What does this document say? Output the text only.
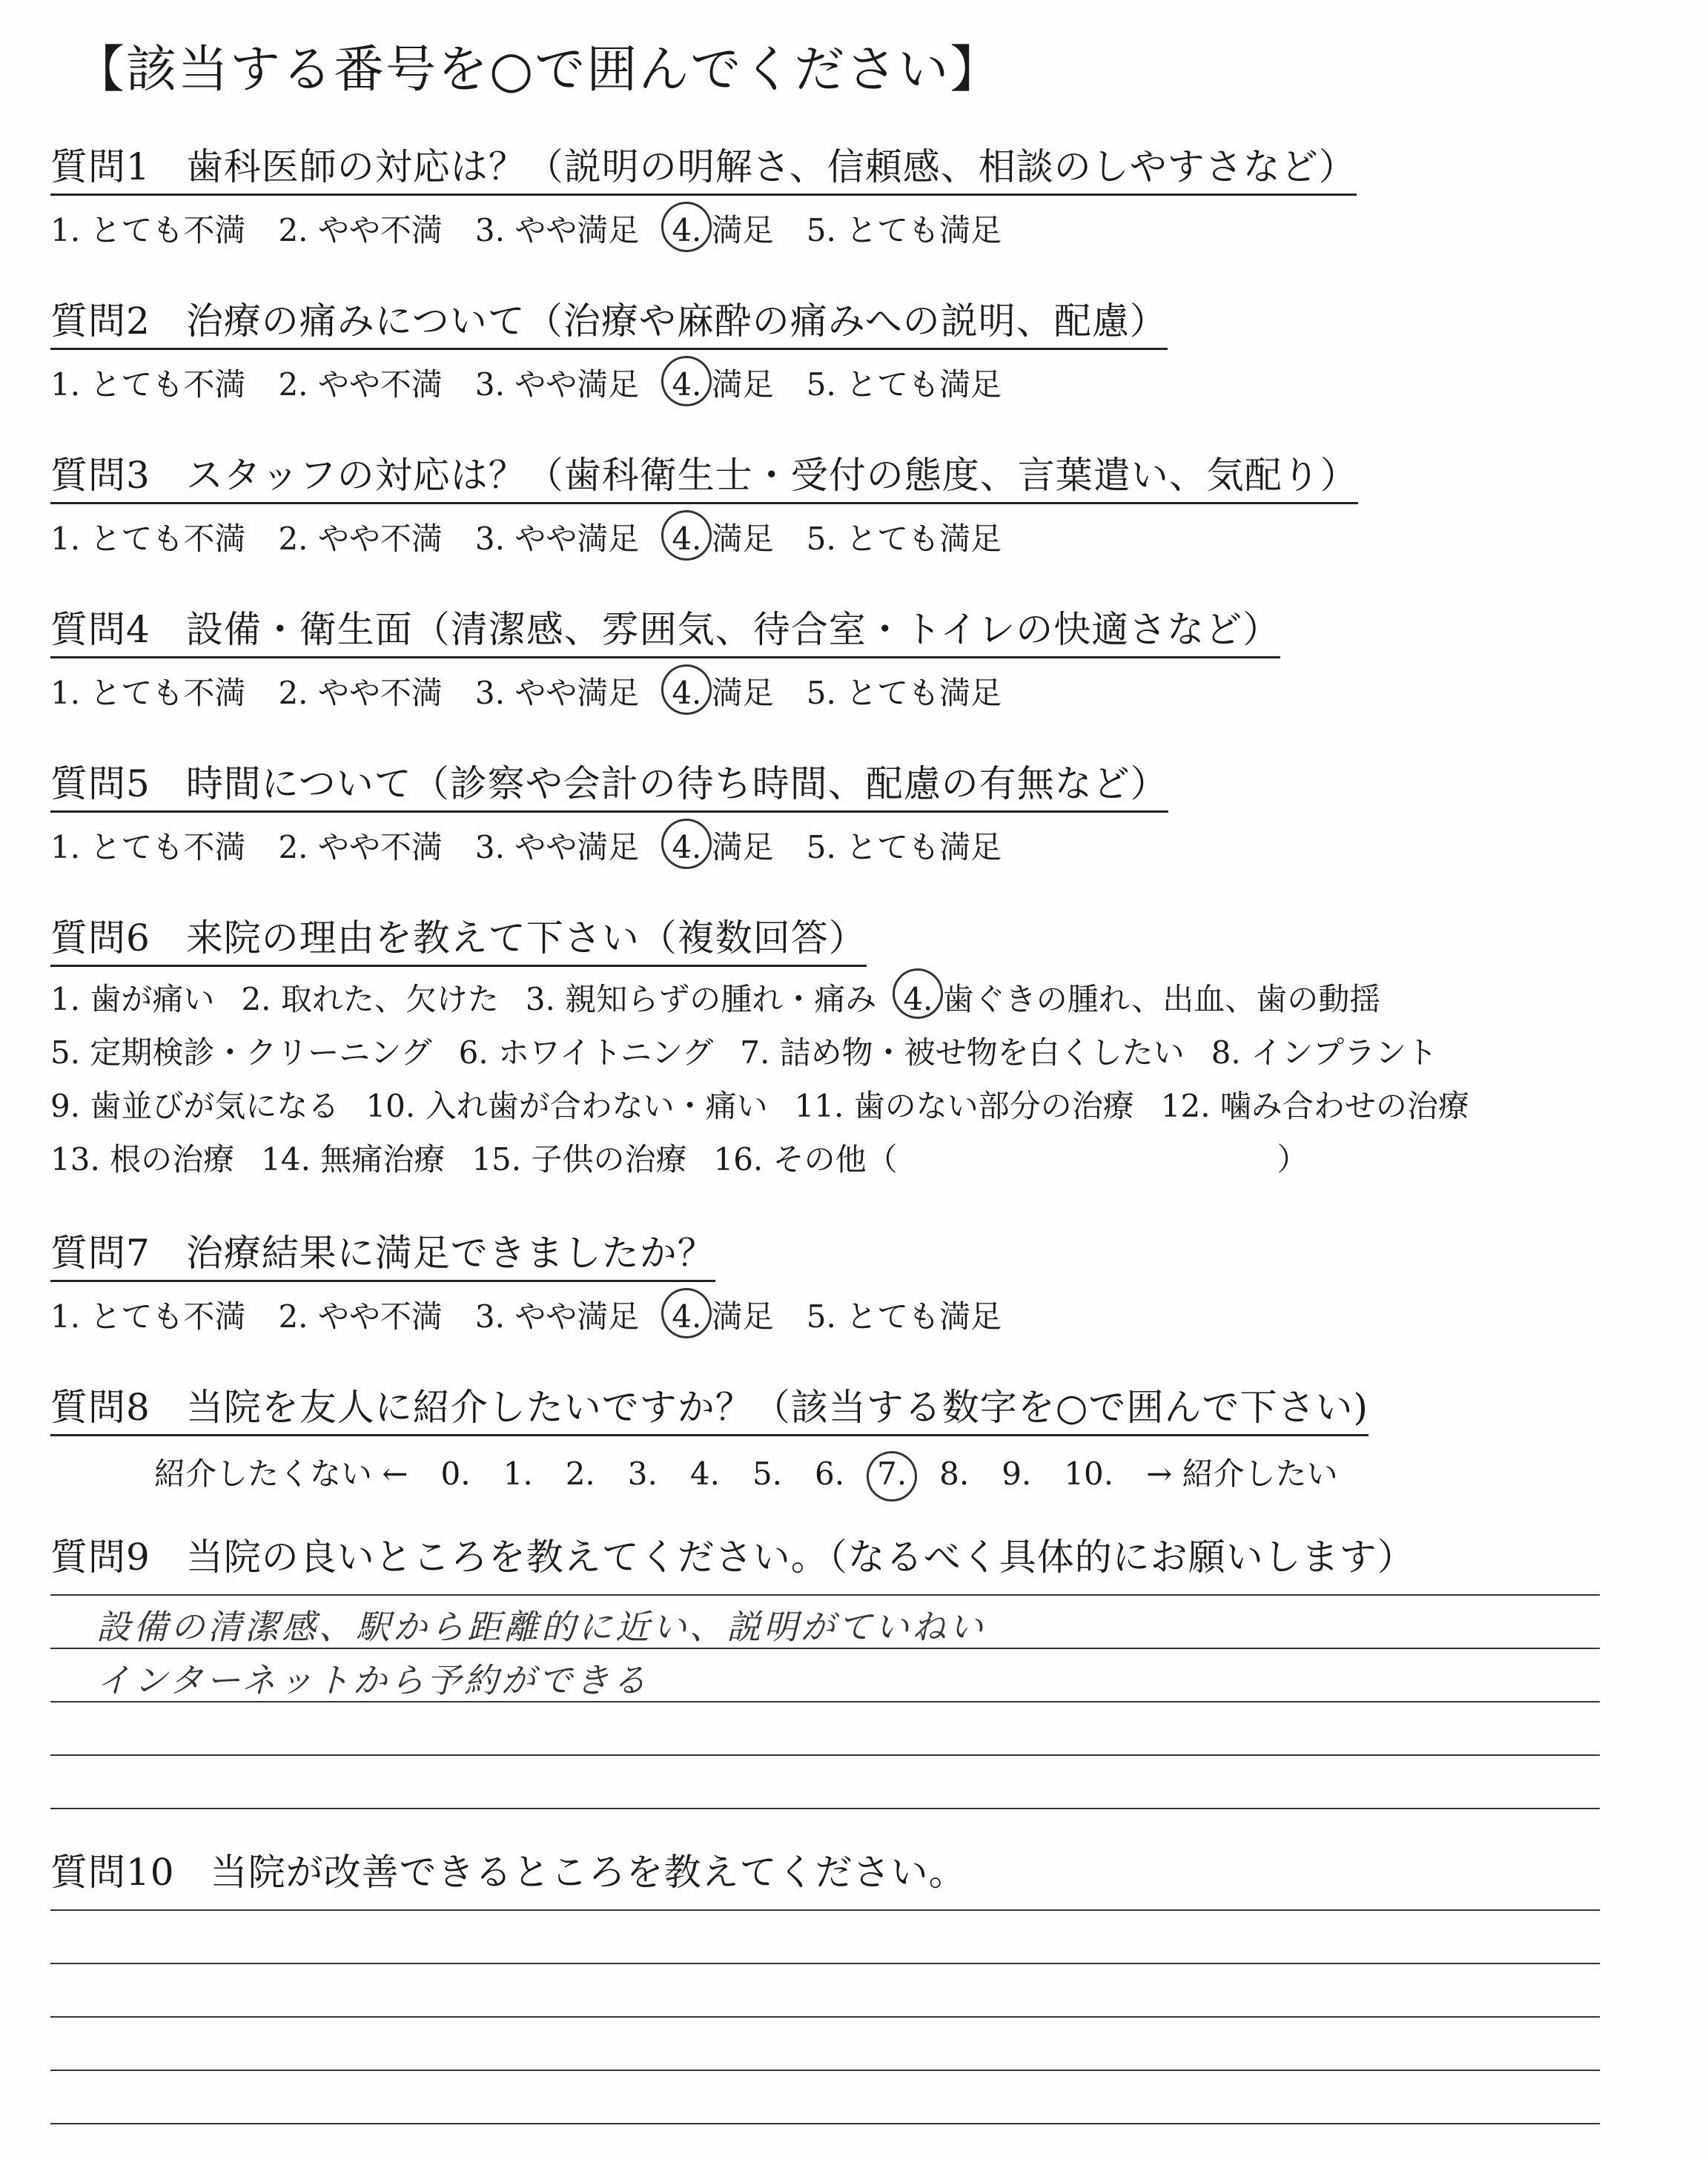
【該当する番号を○で囲んでください】
質問1 歯科医師の対応は？（説明の明解さ、信頼感、相談のしやすさなど）
1. とても不満 2. やや不満 3. やや満足 4. 満足 5. とても満足
質問2 治療の痛みについて（治療や麻酔の痛みへの説明、配慮）
1. とても不満 2. やや不満 3. やや満足 4. 満足 5. とても満足
質問3 スタッフの対応は？（歯科衛生士・受付の態度、言葉遣い、気配り）
1. とても不満 2. やや不満 3. やや満足 4. 満足 5. とても満足
質問4 設備・衛生面（清潔感、雰囲気、待合室・トイレの快適さなど）
1. とても不満 2. やや不満 3. やや満足 4. 満足 5. とても満足
質問5 時間について（診察や会計の待ち時間、配慮の有無など）
1. とても不満 2. やや不満 3. やや満足 4. 満足 5. とても満足
質問6 来院の理由を教えて下さい（複数回答）
1. 歯が痛い 2. 取れた、欠けた 3. 親知らずの腫れ・痛み 4. 歯ぐきの腫れ、出血、歯の動揺
5. 定期検診・クリーニング 6. ホワイトニング 7. 詰め物・被せ物を白くしたい 8. インプラント
9. 歯並びが気になる 10. 入れ歯が合わない・痛い 11. 歯のない部分の治療 12. 噛み合わせの治療
13. 根の治療 14. 無痛治療 15. 子供の治療 16. その他（	）
質問7 治療結果に満足できましたか？
1. とても不満 2. やや不満 3. やや満足 4. 満足 5. とても満足
質問8 当院を友人に紹介したいですか？（該当する数字を○で囲んで下さい)
紹介したくない ← 0. 1. 2. 3. 4. 5. 6. 7. 8. 9. 10. → 紹介したい
質問9 当院の良いところを教えてください。（なるべく具体的にお願いします）
設備の清潔感、駅から距離的に近い、説明がていねい
インターネットから予約ができる
質問10 当院が改善できるところを教えてください。
